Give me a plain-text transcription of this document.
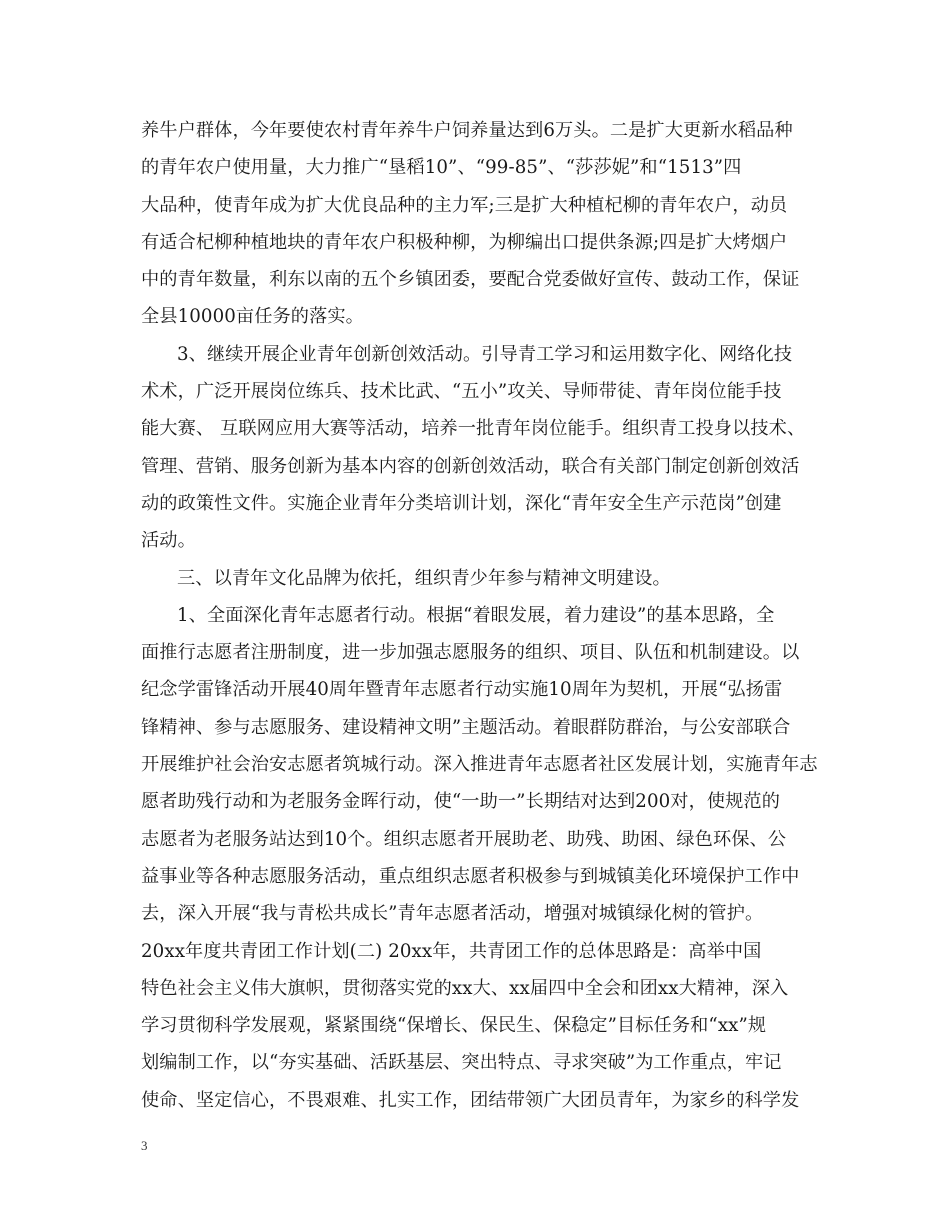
养牛户群体，今年要使农村青年养牛户饲养量达到6万头。二是扩大更新水稻品种
的青年农户使用量，大力推广“垦稻10”、“99-85”、“莎莎妮”和“1513”四
大品种，使青年成为扩大优良品种的主力军;三是扩大种植杞柳的青年农户，动员
有适合杞柳种植地块的青年农户积极种柳，为柳编出口提供条源;四是扩大烤烟户
中的青年数量，利东以南的五个乡镇团委，要配合党委做好宣传、鼓动工作，保证
全县10000亩任务的落实。
3、继续开展企业青年创新创效活动。引导青工学习和运用数字化、网络化技
术术，广泛开展岗位练兵、技术比武、“五小”攻关、导师带徒、青年岗位能手技
能大赛、 互联网应用大赛等活动，培养一批青年岗位能手。组织青工投身以技术、
管理、营销、服务创新为基本内容的创新创效活动，联合有关部门制定创新创效活
动的政策性文件。实施企业青年分类培训计划，深化“青年安全生产示范岗”创建
活动。
三、以青年文化品牌为依托，组织青少年参与精神文明建设。
1、全面深化青年志愿者行动。根据“着眼发展，着力建设”的基本思路，全
面推行志愿者注册制度，进一步加强志愿服务的组织、项目、队伍和机制建设。以
纪念学雷锋活动开展40周年暨青年志愿者行动实施10周年为契机，开展“弘扬雷
锋精神、参与志愿服务、建设精神文明”主题活动。着眼群防群治，与公安部联合
开展维护社会治安志愿者筑城行动。深入推进青年志愿者社区发展计划，实施青年志
愿者助残行动和为老服务金晖行动，使“一助一”长期结对达到200对，使规范的
志愿者为老服务站达到10个。组织志愿者开展助老、助残、助困、绿色环保、公
益事业等各种志愿服务活动，重点组织志愿者积极参与到城镇美化环境保护工作中
去，深入开展“我与青松共成长”青年志愿者活动，增强对城镇绿化树的管护。
20xx年度共青团工作计划(二) 20xx年，共青团工作的总体思路是：高举中国
特色社会主义伟大旗帜，贯彻落实党的xx大、xx届四中全会和团xx大精神，深入
学习贯彻科学发展观，紧紧围绕“保增长、保民生、保稳定”目标任务和“xx”规
划编制工作，以“夯实基础、活跃基层、突出特点、寻求突破”为工作重点，牢记
使命、坚定信心，不畏艰难、扎实工作，团结带领广大团员青年，为家乡的科学发
3
